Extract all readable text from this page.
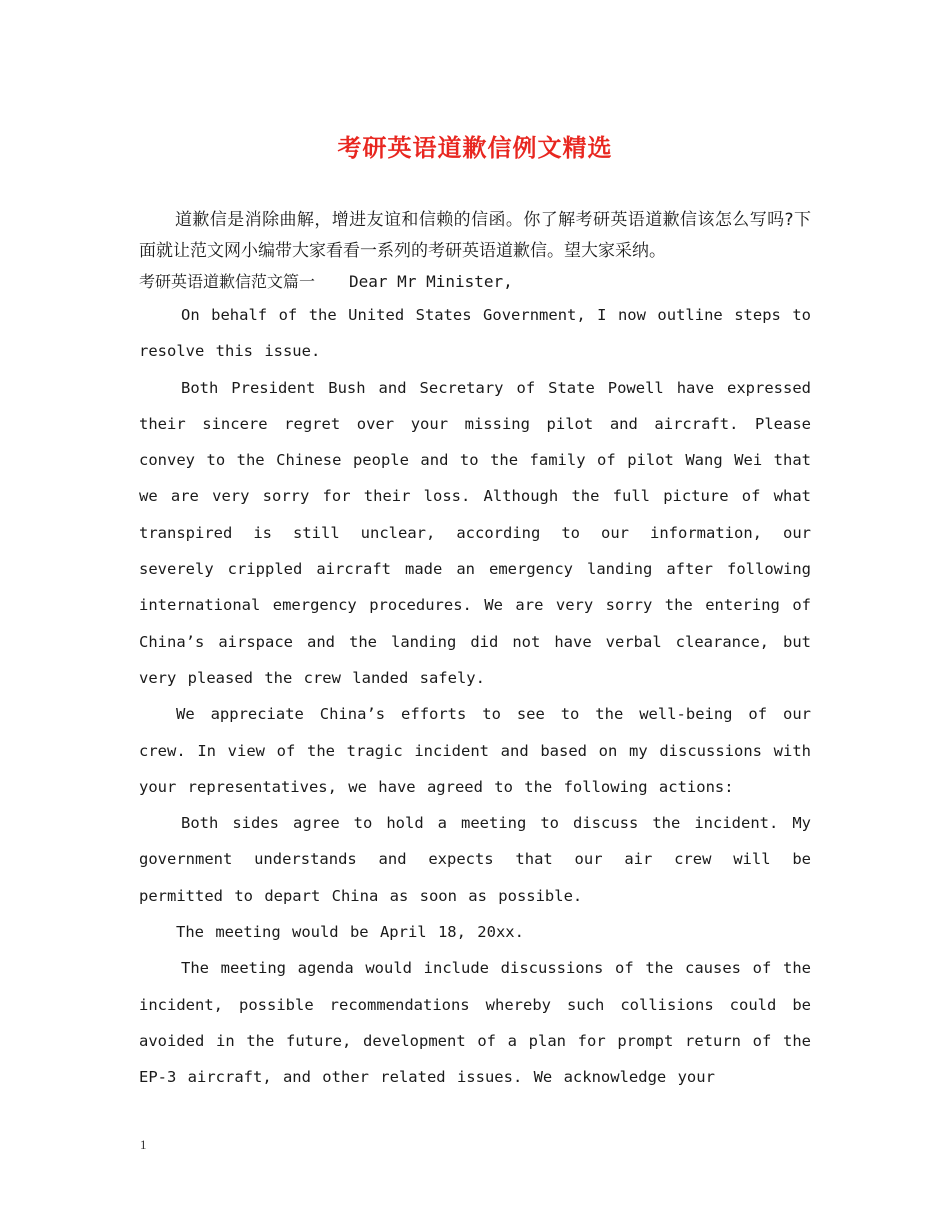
考研英语道歉信例文精选

道歉信是消除曲解，增进友谊和信赖的信函。你了解考研英语道歉信该怎么写吗?下面就让范文网小编带大家看看一系列的考研英语道歉信。望大家采纳。

考研英语道歉信范文篇一 Dear Mr Minister,

On behalf of the United States Government, I now outline steps to resolve this issue.

Both President Bush and Secretary of State Powell have expressed their sincere regret over your missing pilot and aircraft. Please convey to the Chinese people and to the family of pilot Wang Wei that we are very sorry for their loss. Although the full picture of what transpired is still unclear, according to our information, our severely crippled aircraft made an emergency landing after following international emergency procedures. We are very sorry the entering of China’s airspace and the landing did not have verbal clearance, but very pleased the crew landed safely.

We appreciate China’s efforts to see to the well-being of our crew. In view of the tragic incident and based on my discussions with your representatives, we have agreed to the following actions:

Both sides agree to hold a meeting to discuss the incident. My government understands and expects that our air crew will be permitted to depart China as soon as possible.

The meeting would be April 18, 20xx.

The meeting agenda would include discussions of the causes of the incident, possible recommendations whereby such collisions could be avoided in the future, development of a plan for prompt return of the EP-3 aircraft, and other related issues. We acknowledge your

1
